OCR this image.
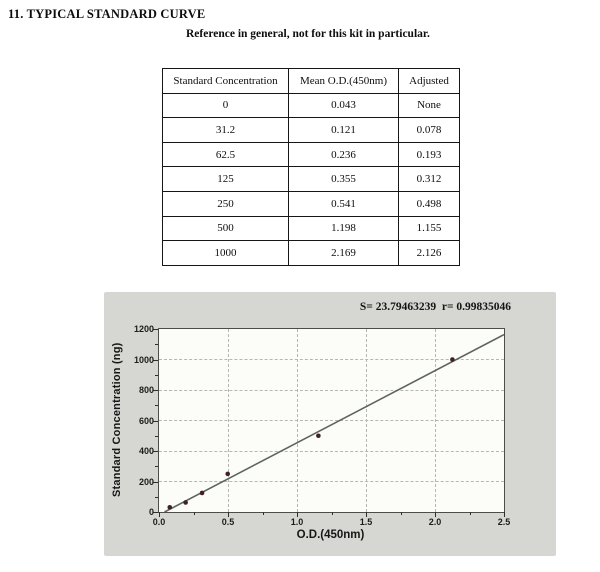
11. TYPICAL STANDARD CURVE
Reference in general, not for this kit in particular.
Standard Concentration	Mean O.D.(450nm)	Adjusted
0	0.043	None
31.2	0.121	0.078
62.5	0.236	0.193
125	0.355	0.312
250	0.541	0.498
500	1.198	1.155
1000	2.169	2.126
S= 23.79463239  r= 0.99835046
Standard Concentration (ng)
0
200
400
600
800
1000
1200
0.0	0.5	1.0	1.5	2.0	2.5
O.D.(450nm)
